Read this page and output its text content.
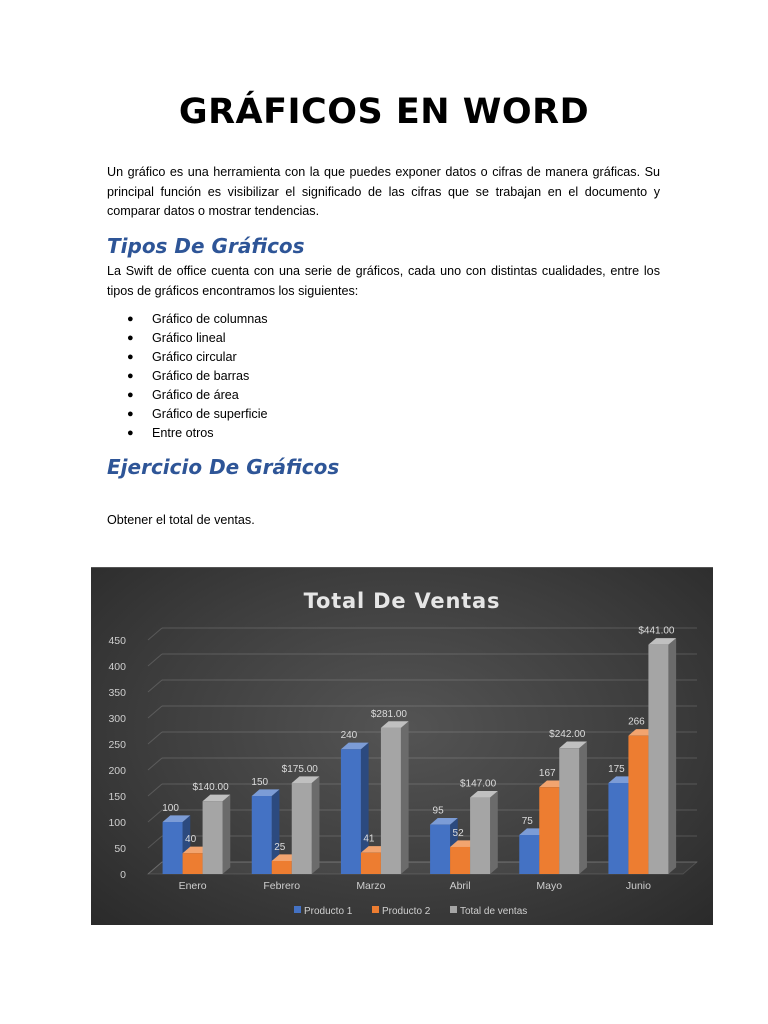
GRÁFICOS EN WORD

Un gráfico es una herramienta con la que puedes exponer datos o cifras de manera gráficas. Su principal función es visibilizar el significado de las cifras que se trabajan en el documento y comparar datos o mostrar tendencias.

Tipos De Gráficos

La Swift de office cuenta con una serie de gráficos, cada uno con distintas cualidades, entre los tipos de gráficos encontramos los siguientes:

● Gráfico de columnas
● Gráfico lineal
● Gráfico circular
● Gráfico de barras
● Gráfico de área
● Gráfico de superficie
● Entre otros
Ejercicio De Gráficos

Obtener el total de ventas.

Total De Ventas
0
50
100
150
200
250
300
350
400
450
100
40
$140.00
Enero
150
25
$175.00
Febrero
240
41
$281.00
Marzo
95
52
$147.00
Abril
75
167
$242.00
Mayo
175
266
$441.00
Junio
Producto 1	Producto 2	Total de ventas
